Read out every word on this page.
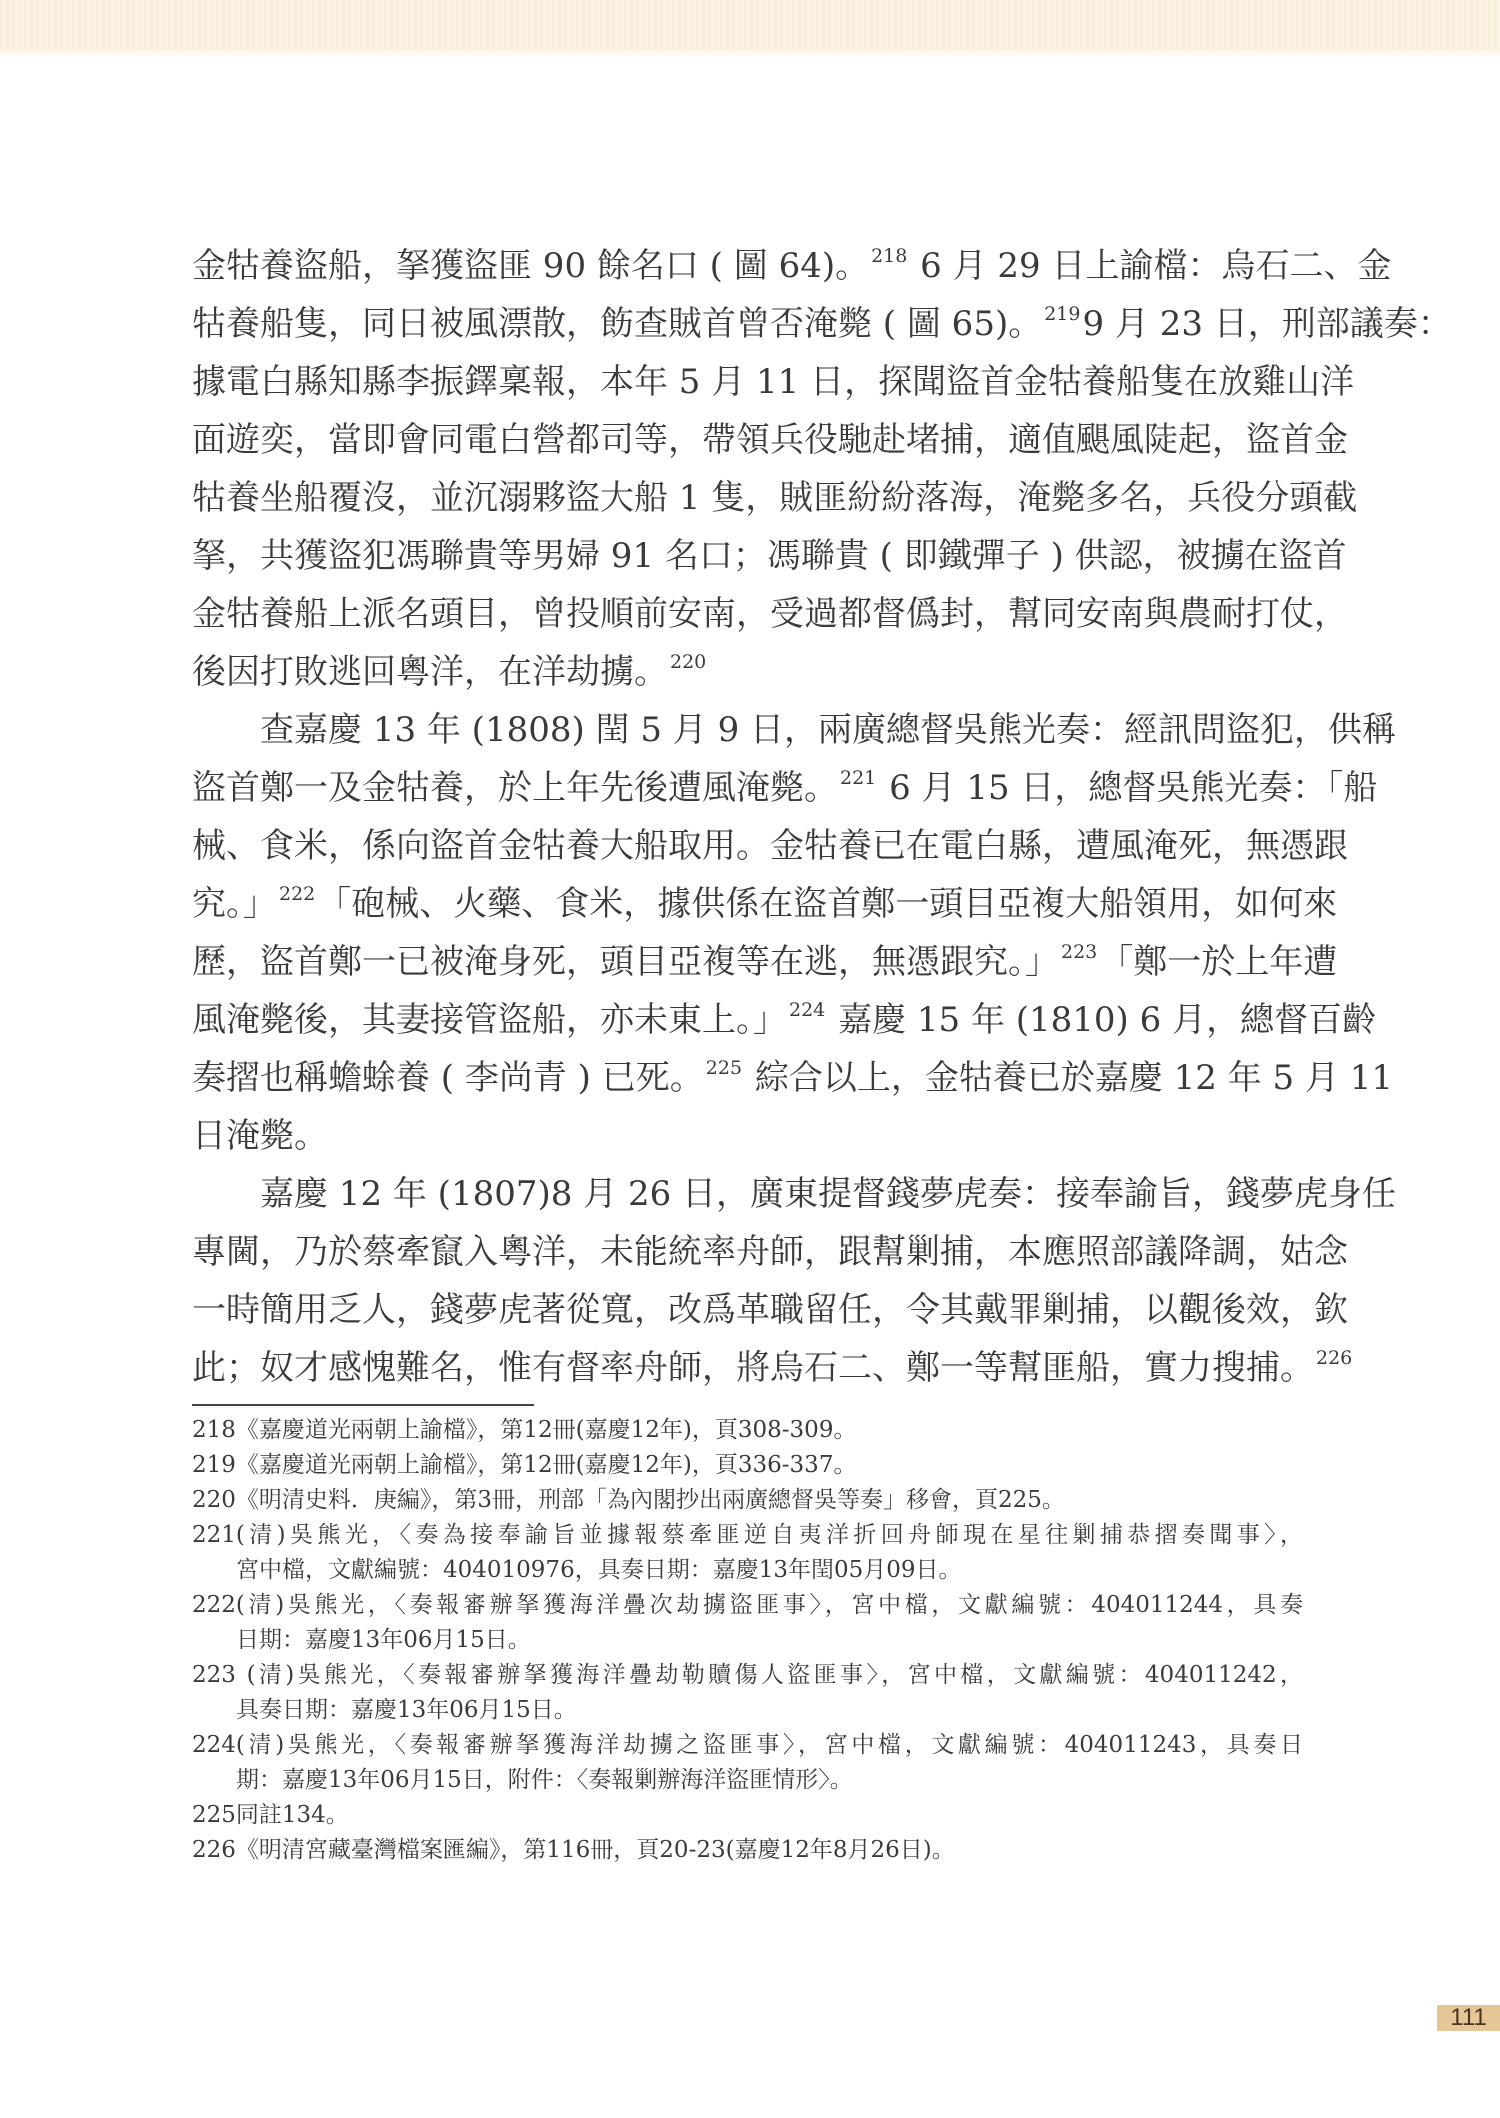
金牯養盜船，拏獲盜匪 90 餘名口 ( 圖 64)。 $^{218}$ 6 月 29 日上諭檔：烏石二、金
牯養船隻，同日被風漂散，飭查賊首曾否淹斃 ( 圖 65)。 $^{219}$9 月 23 日，刑部議奏：
據電白縣知縣李振鐸稟報，本年 5 月 11 日，探聞盜首金牯養船隻在放雞山洋
面遊奕，當即會同電白營都司等，帶領兵役馳赴堵捕，適值颶風陡起，盜首金
牯養坐船覆沒，並沉溺夥盜大船 1 隻，賊匪紛紛落海，淹斃多名，兵役分頭截
拏，共獲盜犯馮聯貴等男婦 91 名口；馮聯貴 ( 即鐵彈子 ) 供認，被擄在盜首
金牯養船上派名頭目，曾投順前安南，受過都督僞封，幫同安南與農耐打仗，
後因打敗逃回粵洋，在洋劫擄。 $^{220}$
查嘉慶 13 年 (1808) 閏 5 月 9 日，兩廣總督吳熊光奏：經訊問盜犯，供稱
盜首鄭一及金牯養，於上年先後遭風淹斃。 $^{221}$ 6 月 15 日，總督吳熊光奏：「船
械、食米，係向盜首金牯養大船取用。金牯養已在電白縣，遭風淹死，無憑跟
究。」 $^{222}$「砲械、火藥、食米，據供係在盜首鄭一頭目亞複大船領用，如何來
歷，盜首鄭一已被淹身死，頭目亞複等在逃，無憑跟究。」 $^{223}$「鄭一於上年遭
風淹斃後，其妻接管盜船，亦未東上。」 $^{224}$ 嘉慶 15 年 (1810) 6 月，總督百齡
奏摺也稱蟾蜍養 ( 李尚青 ) 已死。 $^{225}$ 綜合以上，金牯養已於嘉慶 12 年 5 月 11
日淹斃。
嘉慶 12 年 (1807)8 月 26 日，廣東提督錢夢虎奏：接奉諭旨，錢夢虎身任
專閫，乃於蔡牽竄入粵洋，未能統率舟師，跟幫剿捕，本應照部議降調，姑念
一時簡用乏人，錢夢虎著從寬，改爲革職留任，令其戴罪剿捕，以觀後效，欽
此；奴才感愧難名，惟有督率舟師，將烏石二、鄭一等幫匪船，實力搜捕。 $^{226}$
218《嘉慶道光兩朝上諭檔》，第12冊(嘉慶12年)，頁308-309。
219《嘉慶道光兩朝上諭檔》，第12冊(嘉慶12年)，頁336-337。
220《明清史料．庚編》，第3冊，刑部「為內閣抄出兩廣總督吳等奏」移會，頁225。
221(清)吳熊光，〈奏為接奉諭旨並據報蔡牽匪逆自夷洋折回舟師現在星往剿捕恭摺奏聞事〉，
宮中檔，文獻編號：404010976，具奏日期：嘉慶13年閏05月09日。
222(清)吳熊光，〈奏報審辦拏獲海洋疊次劫擄盜匪事〉，宮中檔，文獻編號：404011244，具奏
日期：嘉慶13年06月15日。
223 (清)吳熊光，〈奏報審辦拏獲海洋疊劫勒贖傷人盜匪事〉，宮中檔，文獻編號：404011242，
具奏日期：嘉慶13年06月15日。
224(清)吳熊光，〈奏報審辦拏獲海洋劫擄之盜匪事〉，宮中檔，文獻編號：404011243，具奏日
期：嘉慶13年06月15日，附件：〈奏報剿辦海洋盜匪情形〉。
225同註134。
226《明清宮藏臺灣檔案匯編》，第116冊，頁20-23(嘉慶12年8月26日)。
111
